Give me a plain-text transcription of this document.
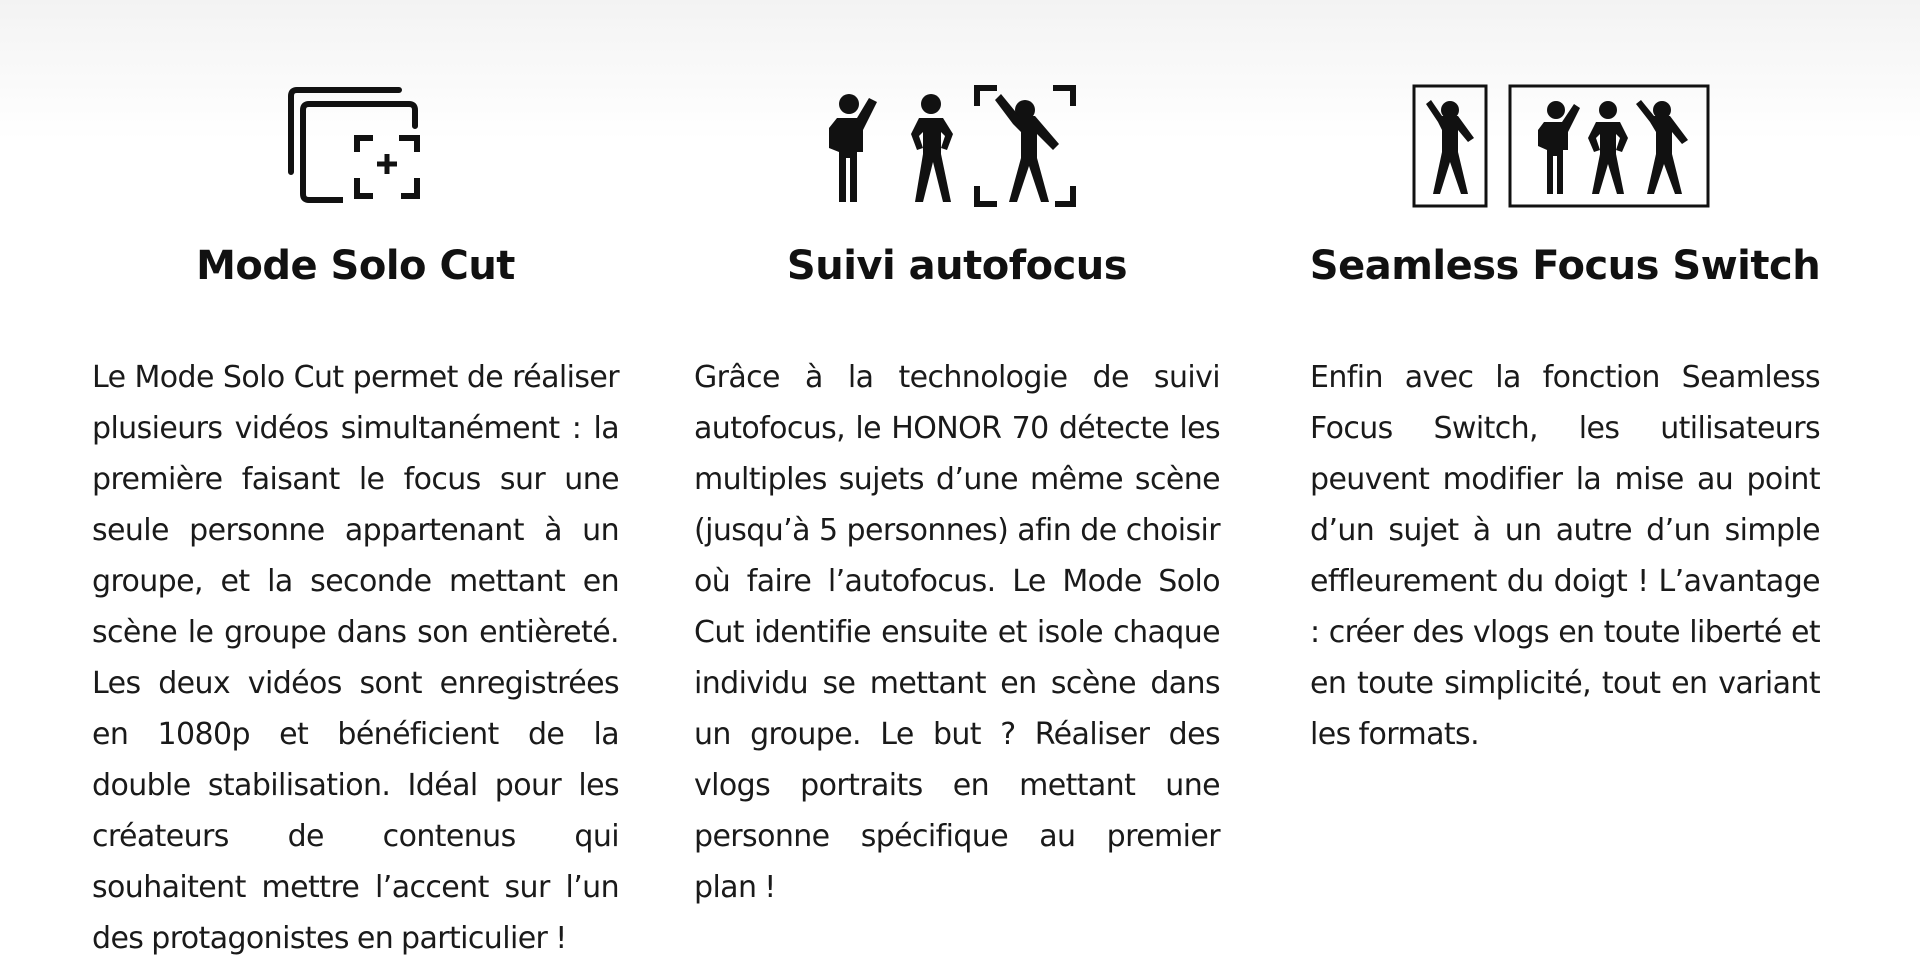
Mode Solo Cut

Le Mode Solo Cut permet de réaliser plusieurs vidéos simultanément : la première faisant le focus sur une seule personne appartenant à un groupe, et la seconde mettant en scène le groupe dans son entièreté. Les deux vidéos sont enregistrées en 1080p et bénéficient de la double stabilisation. Idéal pour les créateurs de contenus qui souhaitent mettre l’accent sur l’un des protagonistes en particulier !

Suivi autofocus

Grâce à la technologie de suivi autofocus, le HONOR 70 détecte les multiples sujets d’une même scène (jusqu’à 5 personnes) afin de choisir où faire l’autofocus. Le Mode Solo Cut identifie ensuite et isole chaque individu se mettant en scène dans un groupe. Le but ? Réaliser des vlogs portraits en mettant une personne spécifique au premier plan !

Seamless Focus Switch

Enfin avec la fonction Seamless Focus Switch, les utilisateurs peuvent modifier la mise au point d’un sujet à un autre d’un simple effleurement du doigt ! L’avantage : créer des vlogs en toute liberté et en toute simplicité, tout en variant les formats.
